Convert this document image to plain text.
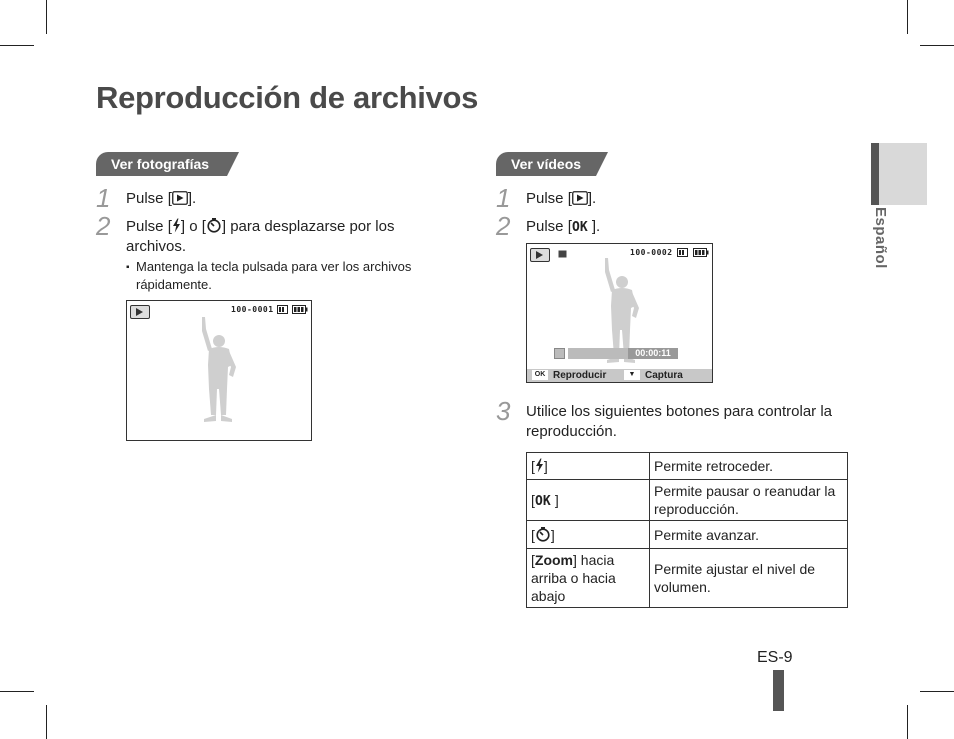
Reproducción de archivos
Español
Ver fotografías
1 Pulse [ ].
2 Pulse [ ] o [ ] para desplazarse por los archivos.
▪ Mantenga la tecla pulsada para ver los archivos rápidamente.
100-0001
Ver vídeos
1 Pulse [ ].
2 Pulse [ OK ].
100-0002
00:00:11
OK Reproducir	▼ Captura
3 Utilice los siguientes botones para controlar la reproducción.
[ ]	Permite retroceder.
[ OK ]	Permite pausar o reanudar la reproducción.
[ ]	Permite avanzar.
[Zoom] hacia arriba o hacia abajo	Permite ajustar el nivel de volumen.
ES-9
